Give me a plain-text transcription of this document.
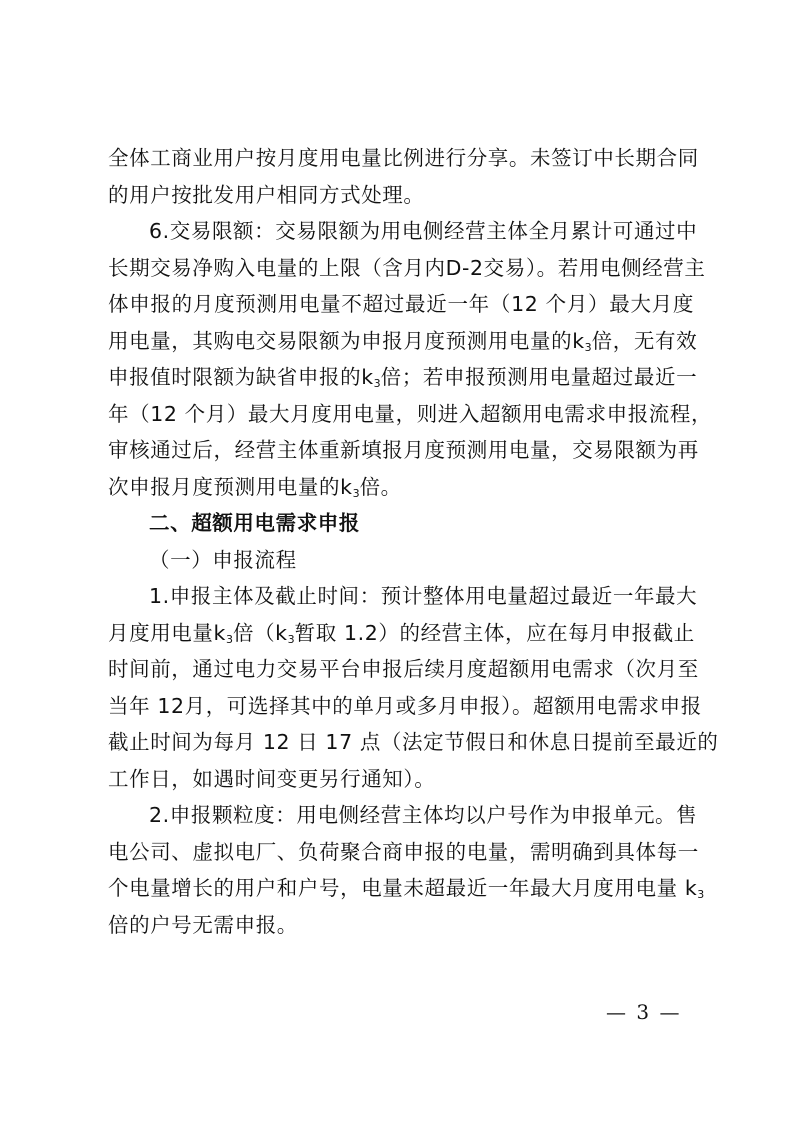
全体工商业用户按月度用电量比例进行分享。未签订中长期合同
的用户按批发用户相同方式处理。
6.交易限额：交易限额为用电侧经营主体全月累计可通过中
长期交易净购入电量的上限（含月内D-2交易）。若用电侧经营主
体申报的月度预测用电量不超过最近一年（12 个月）最大月度
用电量，其购电交易限额为申报月度预测用电量的$k_3$倍，无有效
申报值时限额为缺省申报的$k_3$倍；若申报预测用电量超过最近一
年（12 个月）最大月度用电量，则进入超额用电需求申报流程，
审核通过后，经营主体重新填报月度预测用电量，交易限额为再
次申报月度预测用电量的$k_3$倍。
二、超额用电需求申报
（一）申报流程
1.申报主体及截止时间：预计整体用电量超过最近一年最大
月度用电量$k_3$倍（$k_3$暂取 1.2）的经营主体，应在每月申报截止
时间前，通过电力交易平台申报后续月度超额用电需求（次月至
当年 12月，可选择其中的单月或多月申报）。超额用电需求申报
截止时间为每月 12 日 17 点（法定节假日和休息日提前至最近的
工作日，如遇时间变更另行通知）。
2.申报颗粒度：用电侧经营主体均以户号作为申报单元。售
电公司、虚拟电厂、负荷聚合商申报的电量，需明确到具体每一
个电量增长的用户和户号，电量未超最近一年最大月度用电量 $k_3$
倍的户号无需申报。
— 3 —
